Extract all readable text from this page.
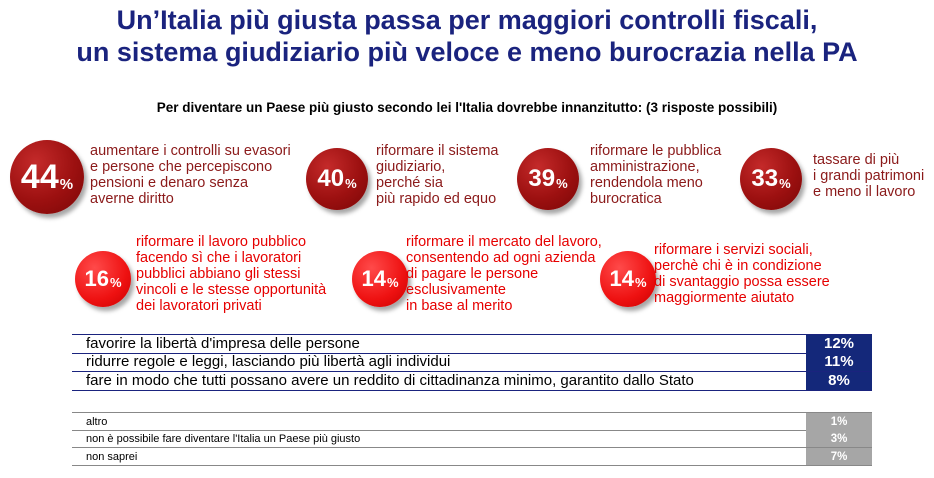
Un’Italia più giusta passa per maggiori controlli fiscali,
un sistema giudiziario più veloce e meno burocrazia nella PA
Per diventare un Paese più giusto secondo lei l'Italia dovrebbe innanzitutto: (3 risposte possibili)
44 %
aumentare i controlli su evasori
e persone che percepiscono
pensioni e denaro senza
averne diritto
40 %
riformare il sistema
giudiziario,
perché sia
più rapido ed equo
39 %
riformare le pubblica
amministrazione,
rendendola meno
burocratica
33 %
tassare di più
i grandi patrimoni
e meno il lavoro
16 %
riformare il lavoro pubblico
facendo sì che i lavoratori
pubblici abbiano gli stessi
vincoli e le stesse opportunità
dei lavoratori privati
14 %
riformare il mercato del lavoro,
consentendo ad ogni azienda
di pagare le persone
esclusivamente
in base al merito
14 %
riformare i servizi sociali,
perchè chi è in condizione
di svantaggio possa essere
maggiormente aiutato
favorire la libertà d'impresa delle persone	12%
ridurre regole e leggi, lasciando più libertà agli individui	11%
fare in modo che tutti possano avere un reddito di cittadinanza minimo, garantito dallo Stato	8%
altro	1%
non è possibile fare diventare l'Italia un Paese più giusto	3%
non saprei	7%
